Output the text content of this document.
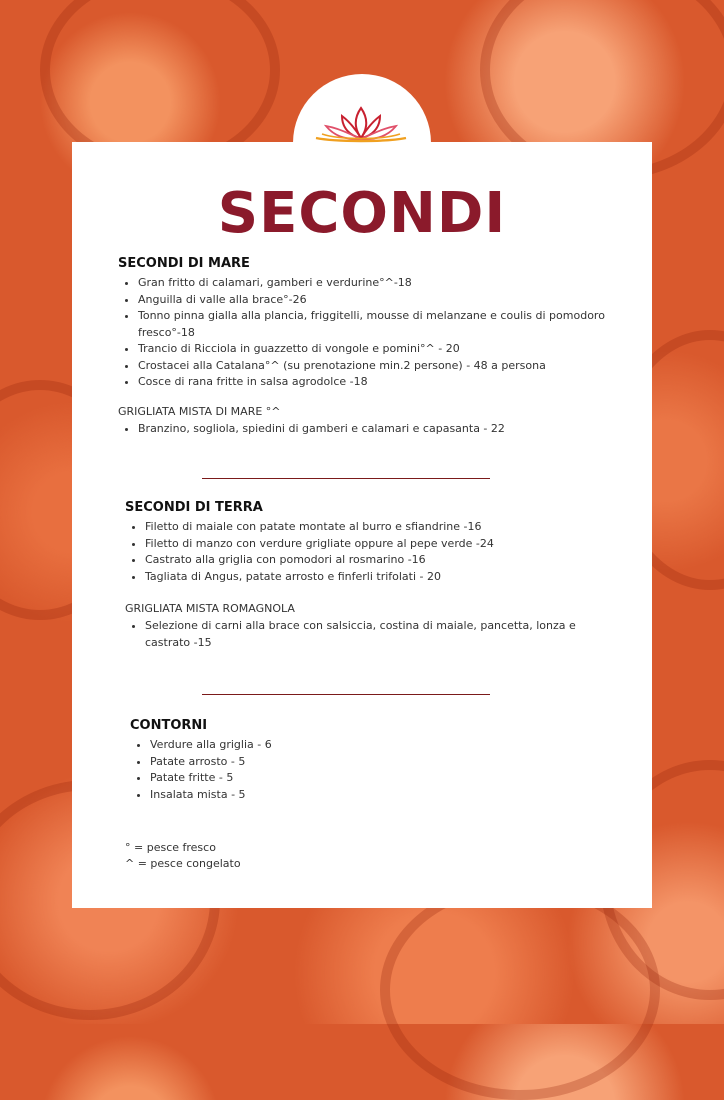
SECONDI

SECONDI DI MARE

• Gran fritto di calamari, gamberi e verdurine°^-18
• Anguilla di valle alla brace°-26
• Tonno pinna gialla alla plancia, friggitelli, mousse di melanzane e coulis di pomodoro fresco°-18
• Trancio di Ricciola in guazzetto di vongole e pomini°^ - 20
• Crostacei alla Catalana°^ (su prenotazione min.2 persone) - 48 a persona
• Cosce di rana fritte in salsa agrodolce -18

GRIGLIATA MISTA DI MARE °^

• Branzino, sogliola, spiedini di gamberi e calamari e capasanta - 22

SECONDI DI TERRA

• Filetto di maiale con patate montate al burro e sfiandrine -16
• Filetto di manzo con verdure grigliate oppure al pepe verde -24
• Castrato alla griglia con pomodori al rosmarino -16
• Tagliata di Angus, patate arrosto e finferli trifolati - 20

GRIGLIATA MISTA ROMAGNOLA

• Selezione di carni alla brace con salsiccia, costina di maiale, pancetta, lonza e castrato -15

CONTORNI

• Verdure alla griglia - 6
• Patate arrosto - 5
• Patate fritte - 5
• Insalata mista - 5
° = pesce fresco
^ = pesce congelato
